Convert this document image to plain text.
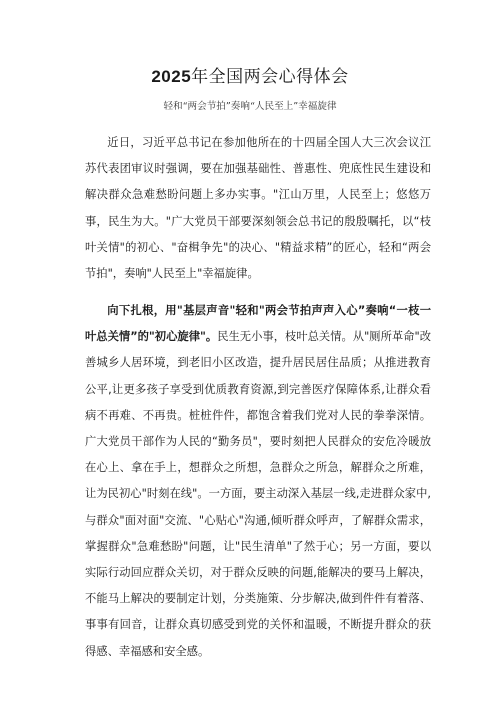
2025年全国两会心得体会
轻和“两会节拍”奏响“人民至上”幸福旋律
近日，习近平总书记在参加他所在的十四届全国人大三次会议江苏代表团审议时强调，要在加强基础性、普惠性、兜底性民生建设和解决群众急难愁盼问题上多办实事。"江山万里，人民至上；悠悠万事，民生为大。"广大党员干部要深刻领会总书记的殷殷嘱托，以“枝叶关情"的初心、"奋楫争先"的决心、"精益求精”的匠心，轻和“两会节拍"，奏响"人民至上"幸福旋律。
向下扎根，用"基层声音"轻和"两会节拍声声入心”奏响“一枝一叶总关情”的"初心旋律"。民生无小事，枝叶总关情。从"厕所革命"改善城乡人居环境，到老旧小区改造，提升居民居住品质；从推进教育公平,让更多孩子享受到优质教育资源,到完善医疗保障体系,让群众看病不再难、不再贵。桩桩件件，都饱含着我们党对人民的拳拳深情。广大党员干部作为人民的“勤务员"，要时刻把人民群众的安危冷暖放在心上、拿在手上，想群众之所想，急群众之所急，解群众之所难，让为民初心"时刻在线"。一方面，要主动深入基层一线,走进群众家中,与群众"面对面"交流、"心贴心"沟通,倾听群众呼声，了解群众需求，掌握群众"急难愁盼"问题，让"民生清单"了然于心；另一方面，要以实际行动回应群众关切，对于群众反映的问题,能解决的要马上解决，不能马上解决的要制定计划，分类施策、分步解决,做到件件有着落、事事有回音，让群众真切感受到党的关怀和温暖，不断提升群众的获得感、幸福感和安全感。
